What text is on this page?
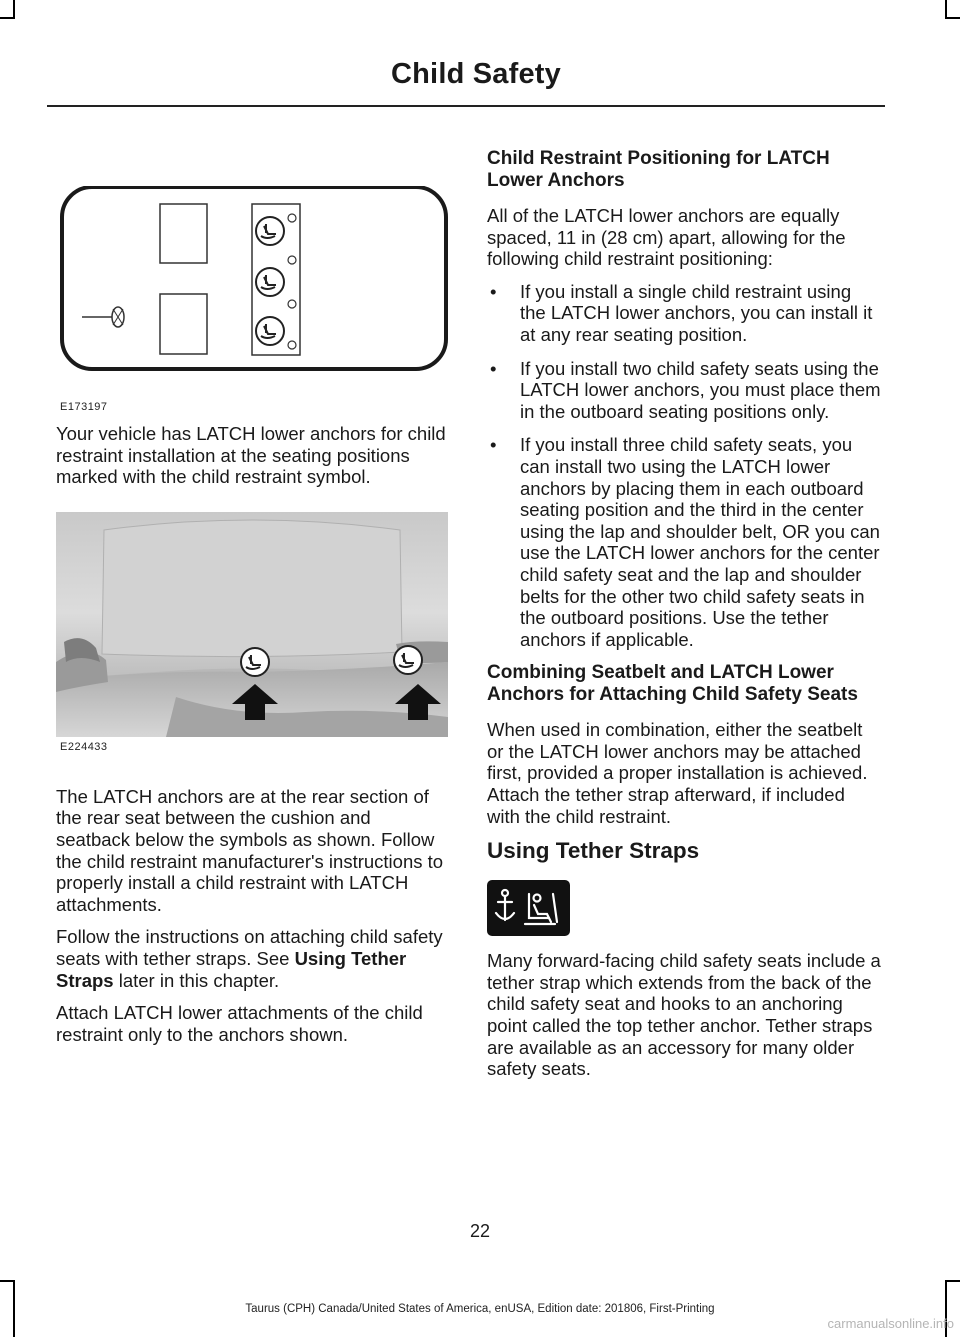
Child Safety
E173197

Your vehicle has LATCH lower anchors for child restraint installation at the seating positions marked with the child restraint symbol.

E224433

The LATCH anchors are at the rear section of the rear seat between the cushion and seatback below the symbols as shown. Follow the child restraint manufacturer's instructions to properly install a child restraint with LATCH attachments.

Follow the instructions on attaching child safety seats with tether straps. See Using Tether Straps later in this chapter.

Attach LATCH lower attachments of the child restraint only to the anchors shown.

Child Restraint Positioning for LATCH Lower Anchors

All of the LATCH lower anchors are equally spaced, 11 in (28 cm) apart, allowing for the following child restraint positioning:

• If you install a single child restraint using the LATCH lower anchors, you can install it at any rear seating position.
• If you install two child safety seats using the LATCH lower anchors, you must place them in the outboard seating positions only.
• If you install three child safety seats, you can install two using the LATCH lower anchors by placing them in each outboard seating position and the third in the center using the lap and shoulder belt, OR you can use the LATCH lower anchors for the center child safety seat and the lap and shoulder belts for the other two child safety seats in the outboard positions. Use the tether anchors if applicable.
Combining Seatbelt and LATCH Lower Anchors for Attaching Child Safety Seats

When used in combination, either the seatbelt or the LATCH lower anchors may be attached first, provided a proper installation is achieved. Attach the tether strap afterward, if included with the child restraint.

Using Tether Straps

Many forward-facing child safety seats include a tether strap which extends from the back of the child safety seat and hooks to an anchoring point called the top tether anchor. Tether straps are available as an accessory for many older safety seats.

22
Taurus (CPH) Canada/United States of America, enUSA, Edition date: 201806, First-Printing
carmanualsonline.info
